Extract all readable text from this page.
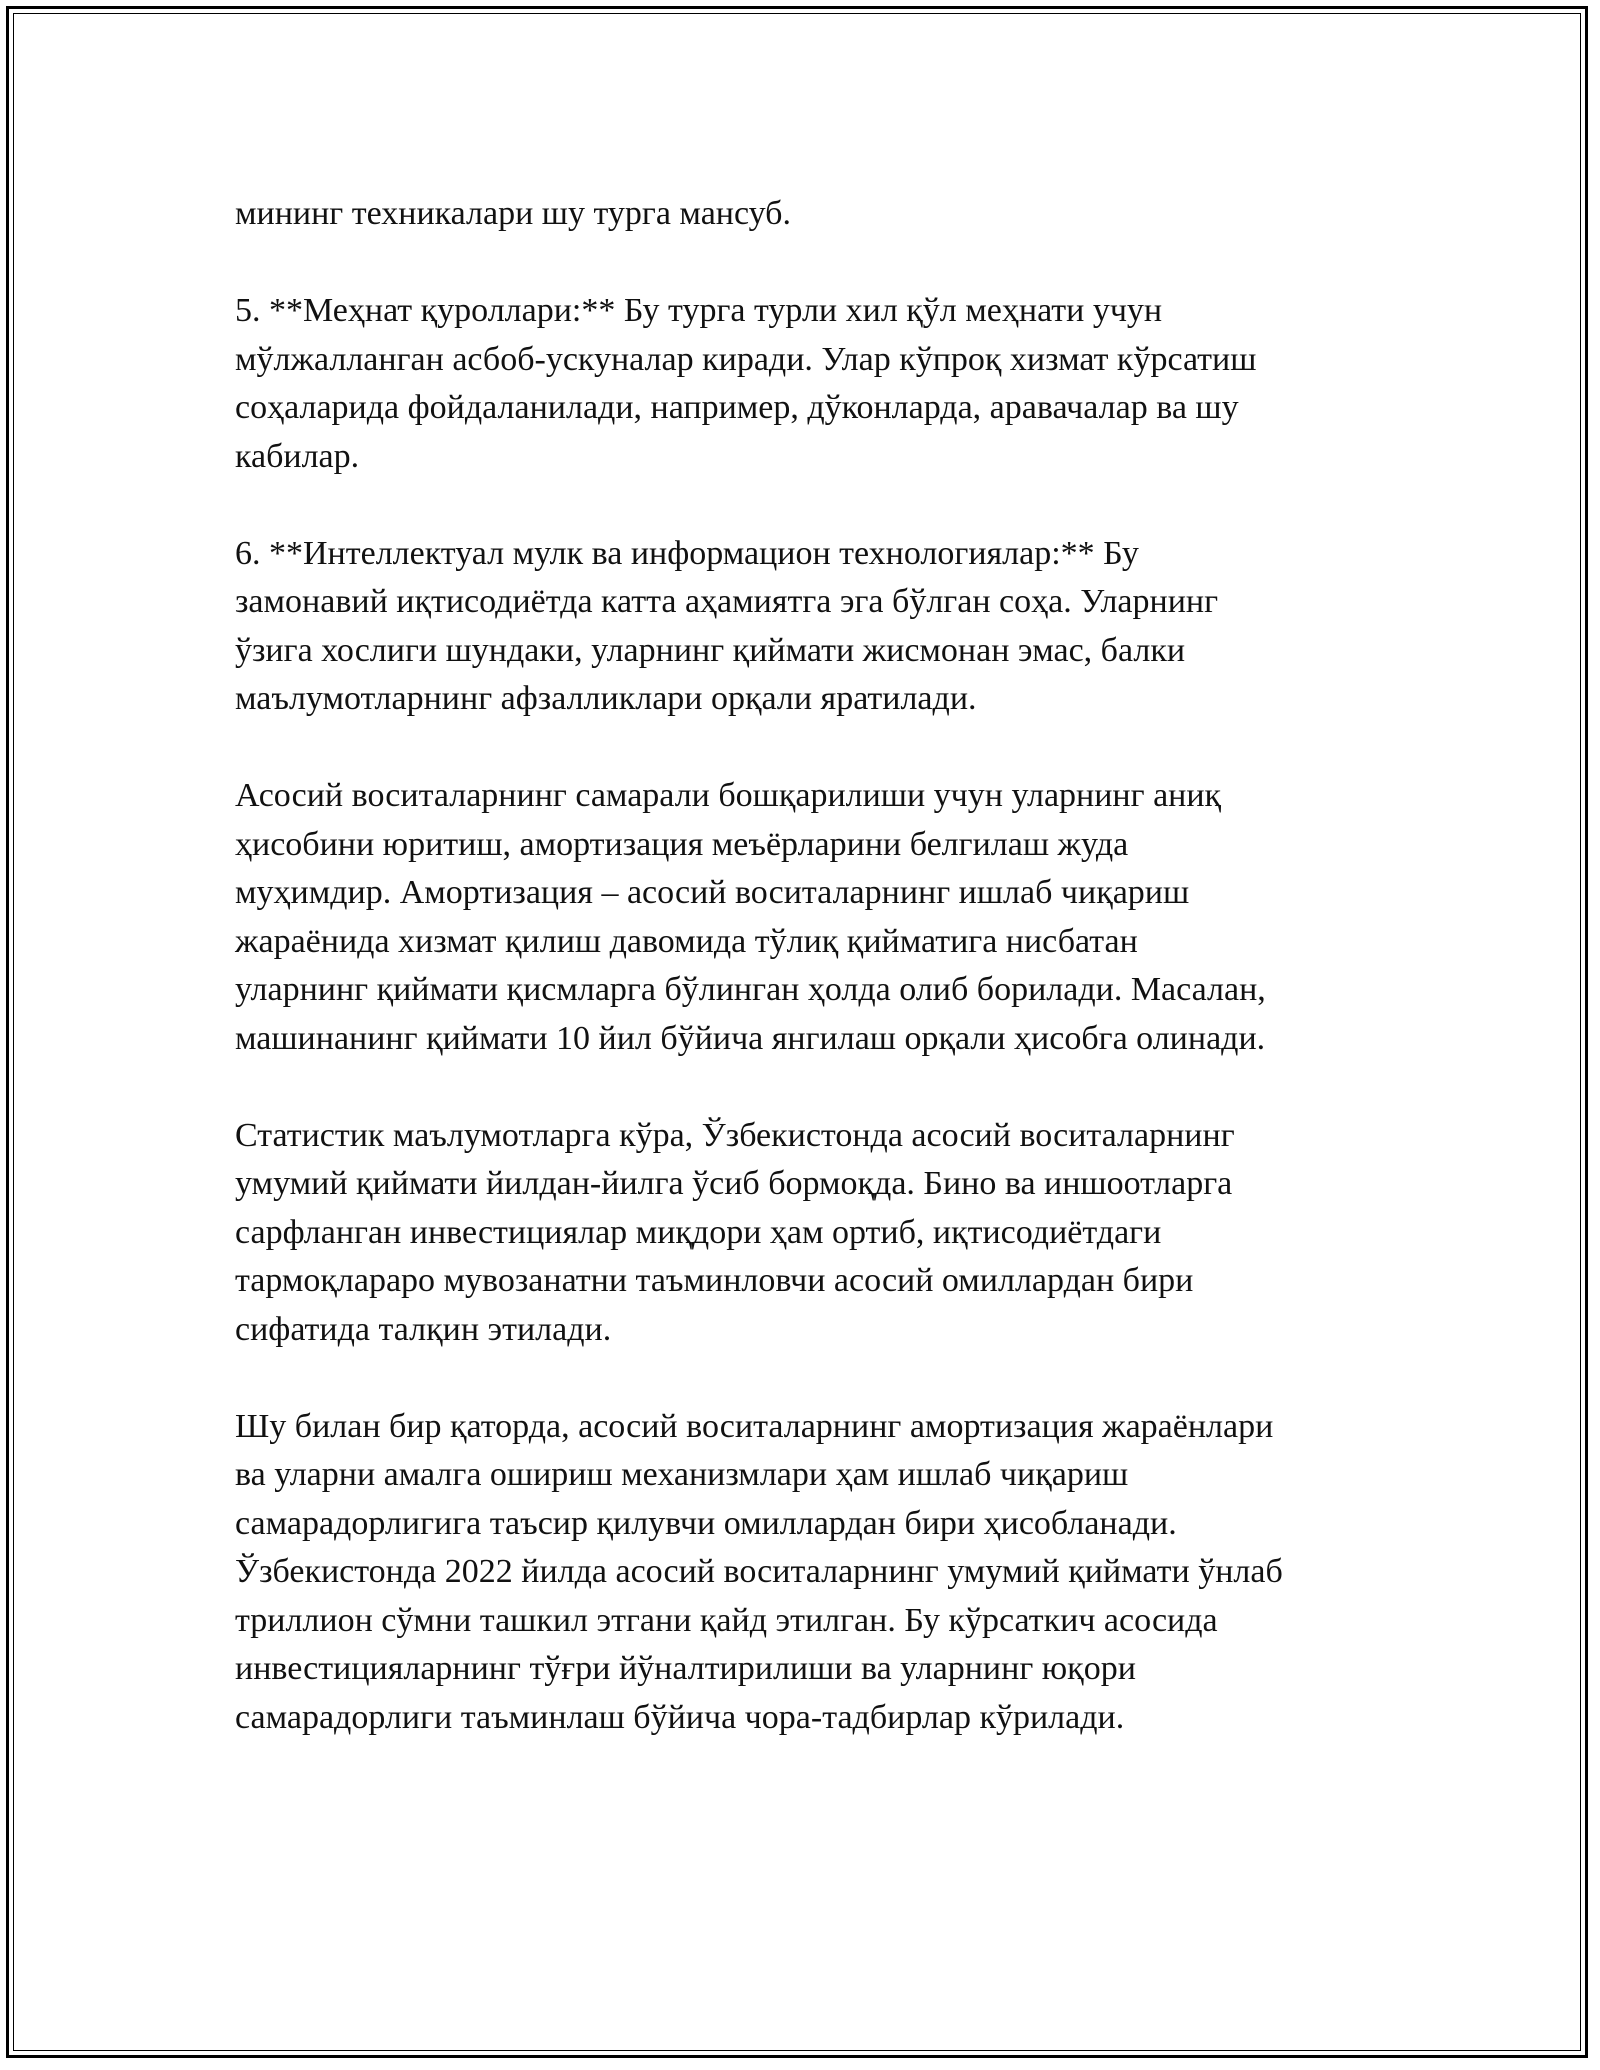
мининг техникалари шу турга мансуб.

5. **Меҳнат қуроллари:** Бу турга турли хил қўл меҳнати учун
мўлжалланган асбоб-ускуналар киради. Улар кўпроқ хизмат кўрсатиш
соҳаларида фойдаланилади, например, дўконларда, аравачалар ва шу
кабилар.

6. **Интеллектуал мулк ва информацион технологиялар:** Бу
замонавий иқтисодиётда катта аҳамиятга эга бўлган соҳа. Уларнинг
ўзига хослиги шундаки, уларнинг қиймати жисмонан эмас, балки
маълумотларнинг афзалликлари орқали яратилади.

Асосий воситаларнинг самарали бошқарилиши учун уларнинг аниқ
ҳисобини юритиш, амортизация меъёрларини белгилаш жуда
муҳимдир. Амортизация – асосий воситаларнинг ишлаб чиқариш
жараёнида хизмат қилиш давомида тўлиқ қийматига нисбатан
уларнинг қиймати қисмларга бўлинган ҳолда олиб борилади. Масалан,
машинанинг қиймати 10 йил бўйича янгилаш орқали ҳисобга олинади.

Статистик маълумотларга кўра, Ўзбекистонда асосий воситаларнинг
умумий қиймати йилдан-йилга ўсиб бормоқда. Бино ва иншоотларга
сарфланган инвестициялар миқдори ҳам ортиб, иқтисодиётдаги
тармоқлараро мувозанатни таъминловчи асосий омиллардан бири
сифатида талқин этилади.

Шу билан бир қаторда, асосий воситаларнинг амортизация жараёнлари
ва уларни амалга ошириш механизмлари ҳам ишлаб чиқариш
самарадорлигига таъсир қилувчи омиллардан бири ҳисобланади.
Ўзбекистонда 2022 йилда асосий воситаларнинг умумий қиймати ўнлаб
триллион сўмни ташкил этгани қайд этилган. Бу кўрсаткич асосида
инвестицияларнинг тўғри йўналтирилиши ва уларнинг юқори
самарадорлиги таъминлаш бўйича чора-тадбирлар кўрилади.
